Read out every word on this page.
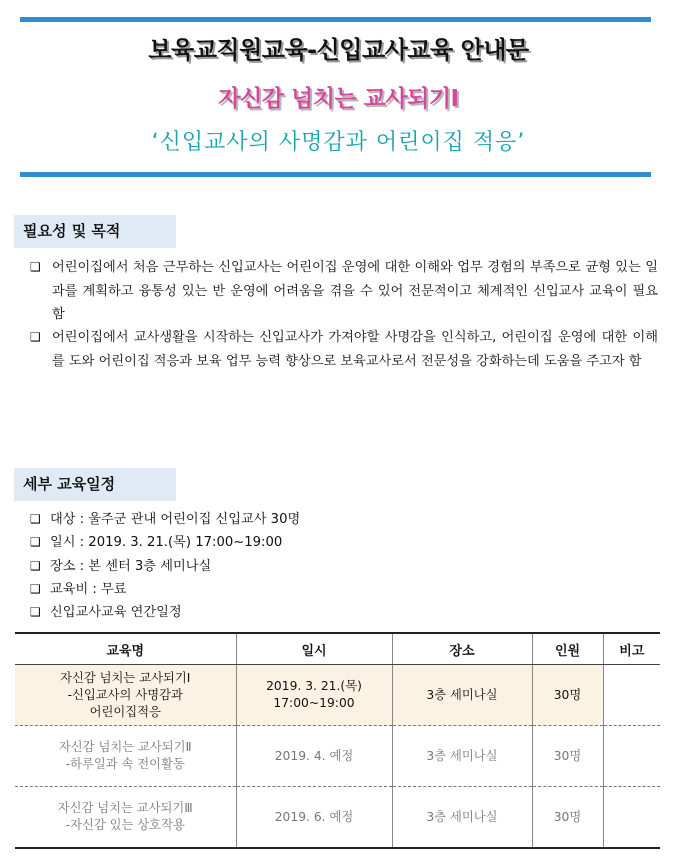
보육교직원교육-신입교사교육 안내문
자신감 넘치는 교사되기Ⅰ
‘신입교사의 사명감과 어린이집 적응’
필요성 및 목적
❑ 어린이집에서 처음 근무하는 신입교사는 어린이집 운영에 대한 이해와 업무 경험의 부족으로 균형 있는 일과를 계획하고 융통성 있는 반 운영에 어려움을 겪을 수 있어 전문적이고 체계적인 신입교사 교육이 필요함
❑ 어린이집에서 교사생활을 시작하는 신입교사가 가져야할 사명감을 인식하고, 어린이집 운영에 대한 이해를 도와 어린이집 적응과 보육 업무 능력 향상으로 보육교사로서 전문성을 강화하는데 도움을 주고자 함
세부 교육일정
❑ 대상 : 울주군 관내 어린이집 신입교사 30명
❑ 일시 : 2019. 3. 21.(목) 17:00~19:00
❑ 장소 : 본 센터 3층 세미나실
❑ 교육비 : 무료
❑ 신입교사교육 연간일정
교육명	일시	장소	인원	비고

자신감 넘치는 교사되기Ⅰ
-신입교사의 사명감과
어린이집적응	2019. 3. 21.(목)
17:00~19:00	3층 세미나실	30명	

자신감 넘치는 교사되기Ⅱ
-하루일과 속 전이활동	2019. 4. 예정	3층 세미나실	30명	

자신감 넘치는 교사되기Ⅲ
-자신감 있는 상호작용	2019. 6. 예정	3층 세미나실	30명	
